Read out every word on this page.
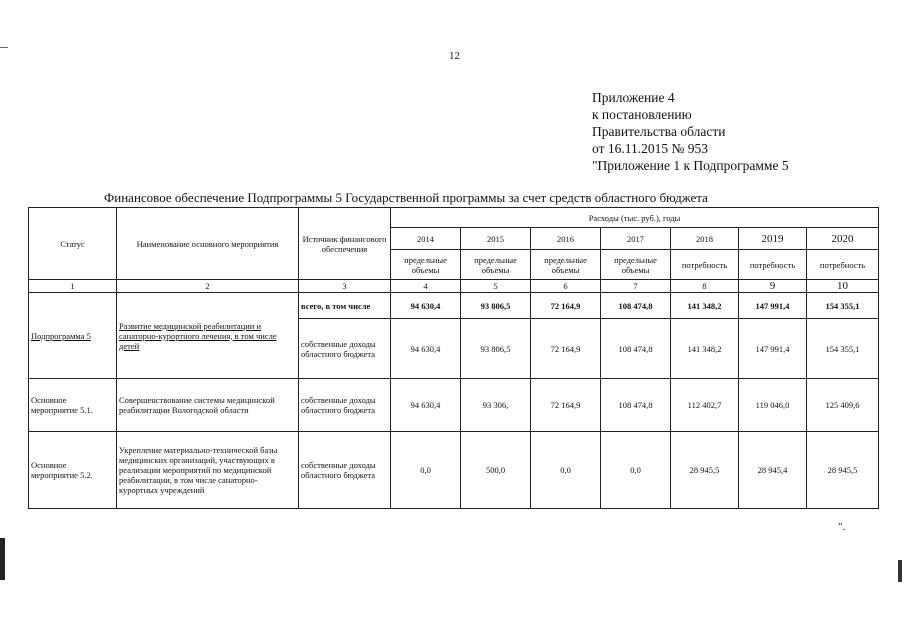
12
Приложение 4
к постановлению
Правительства области
от 16.11.2015 № 953
"Приложение 1 к Подпрограмме 5
Финансовое обеспечение Подпрограммы 5 Государственной программы за счет средств областного бюджета
Статус	Наименование основного мероприятия	Источник финансового обеспечения	Расходы (тыс. руб.), годы						
			2014	2015	2016	2017	2018	2019	2020
			предельные объемы	предельные объемы	предельные объемы	предельные объемы	потребность	потребность	потребность
1	2	3	4	5	6	7	8	9	10
Подпрограмма 5	Развитие медицинской реабилитации и санаторно-курортного лечения, в том числе детей	всего, в том числе	94 630,4	93 806,5	72 164,9	108 474,8	141 348,2	147 991,4	154 355,1
		собственные доходы областного бюджета	94 630,4	93 806,5	72 164,9	108 474,8	141 348,2	147 991,4	154 355,1
Основное мероприятие 5.1.	Совершенствование системы медицинской реабилитации Вологодской области	собственные доходы областного бюджета	94 630,4	93 306,	72 164,9	108 474,8	112 402,7	119 046,0	125 409,6
Основное мероприятие 5.2.	Укрепление материально-технической базы медицинских организаций, участвующих в реализации мероприятий по медицинской реабилитации, в том числе санаторно-курортных учреждений	собственные доходы областного бюджета	0,0	500,0	0,0	0,0	28 945,5	28 945,4	28 945,5
".
